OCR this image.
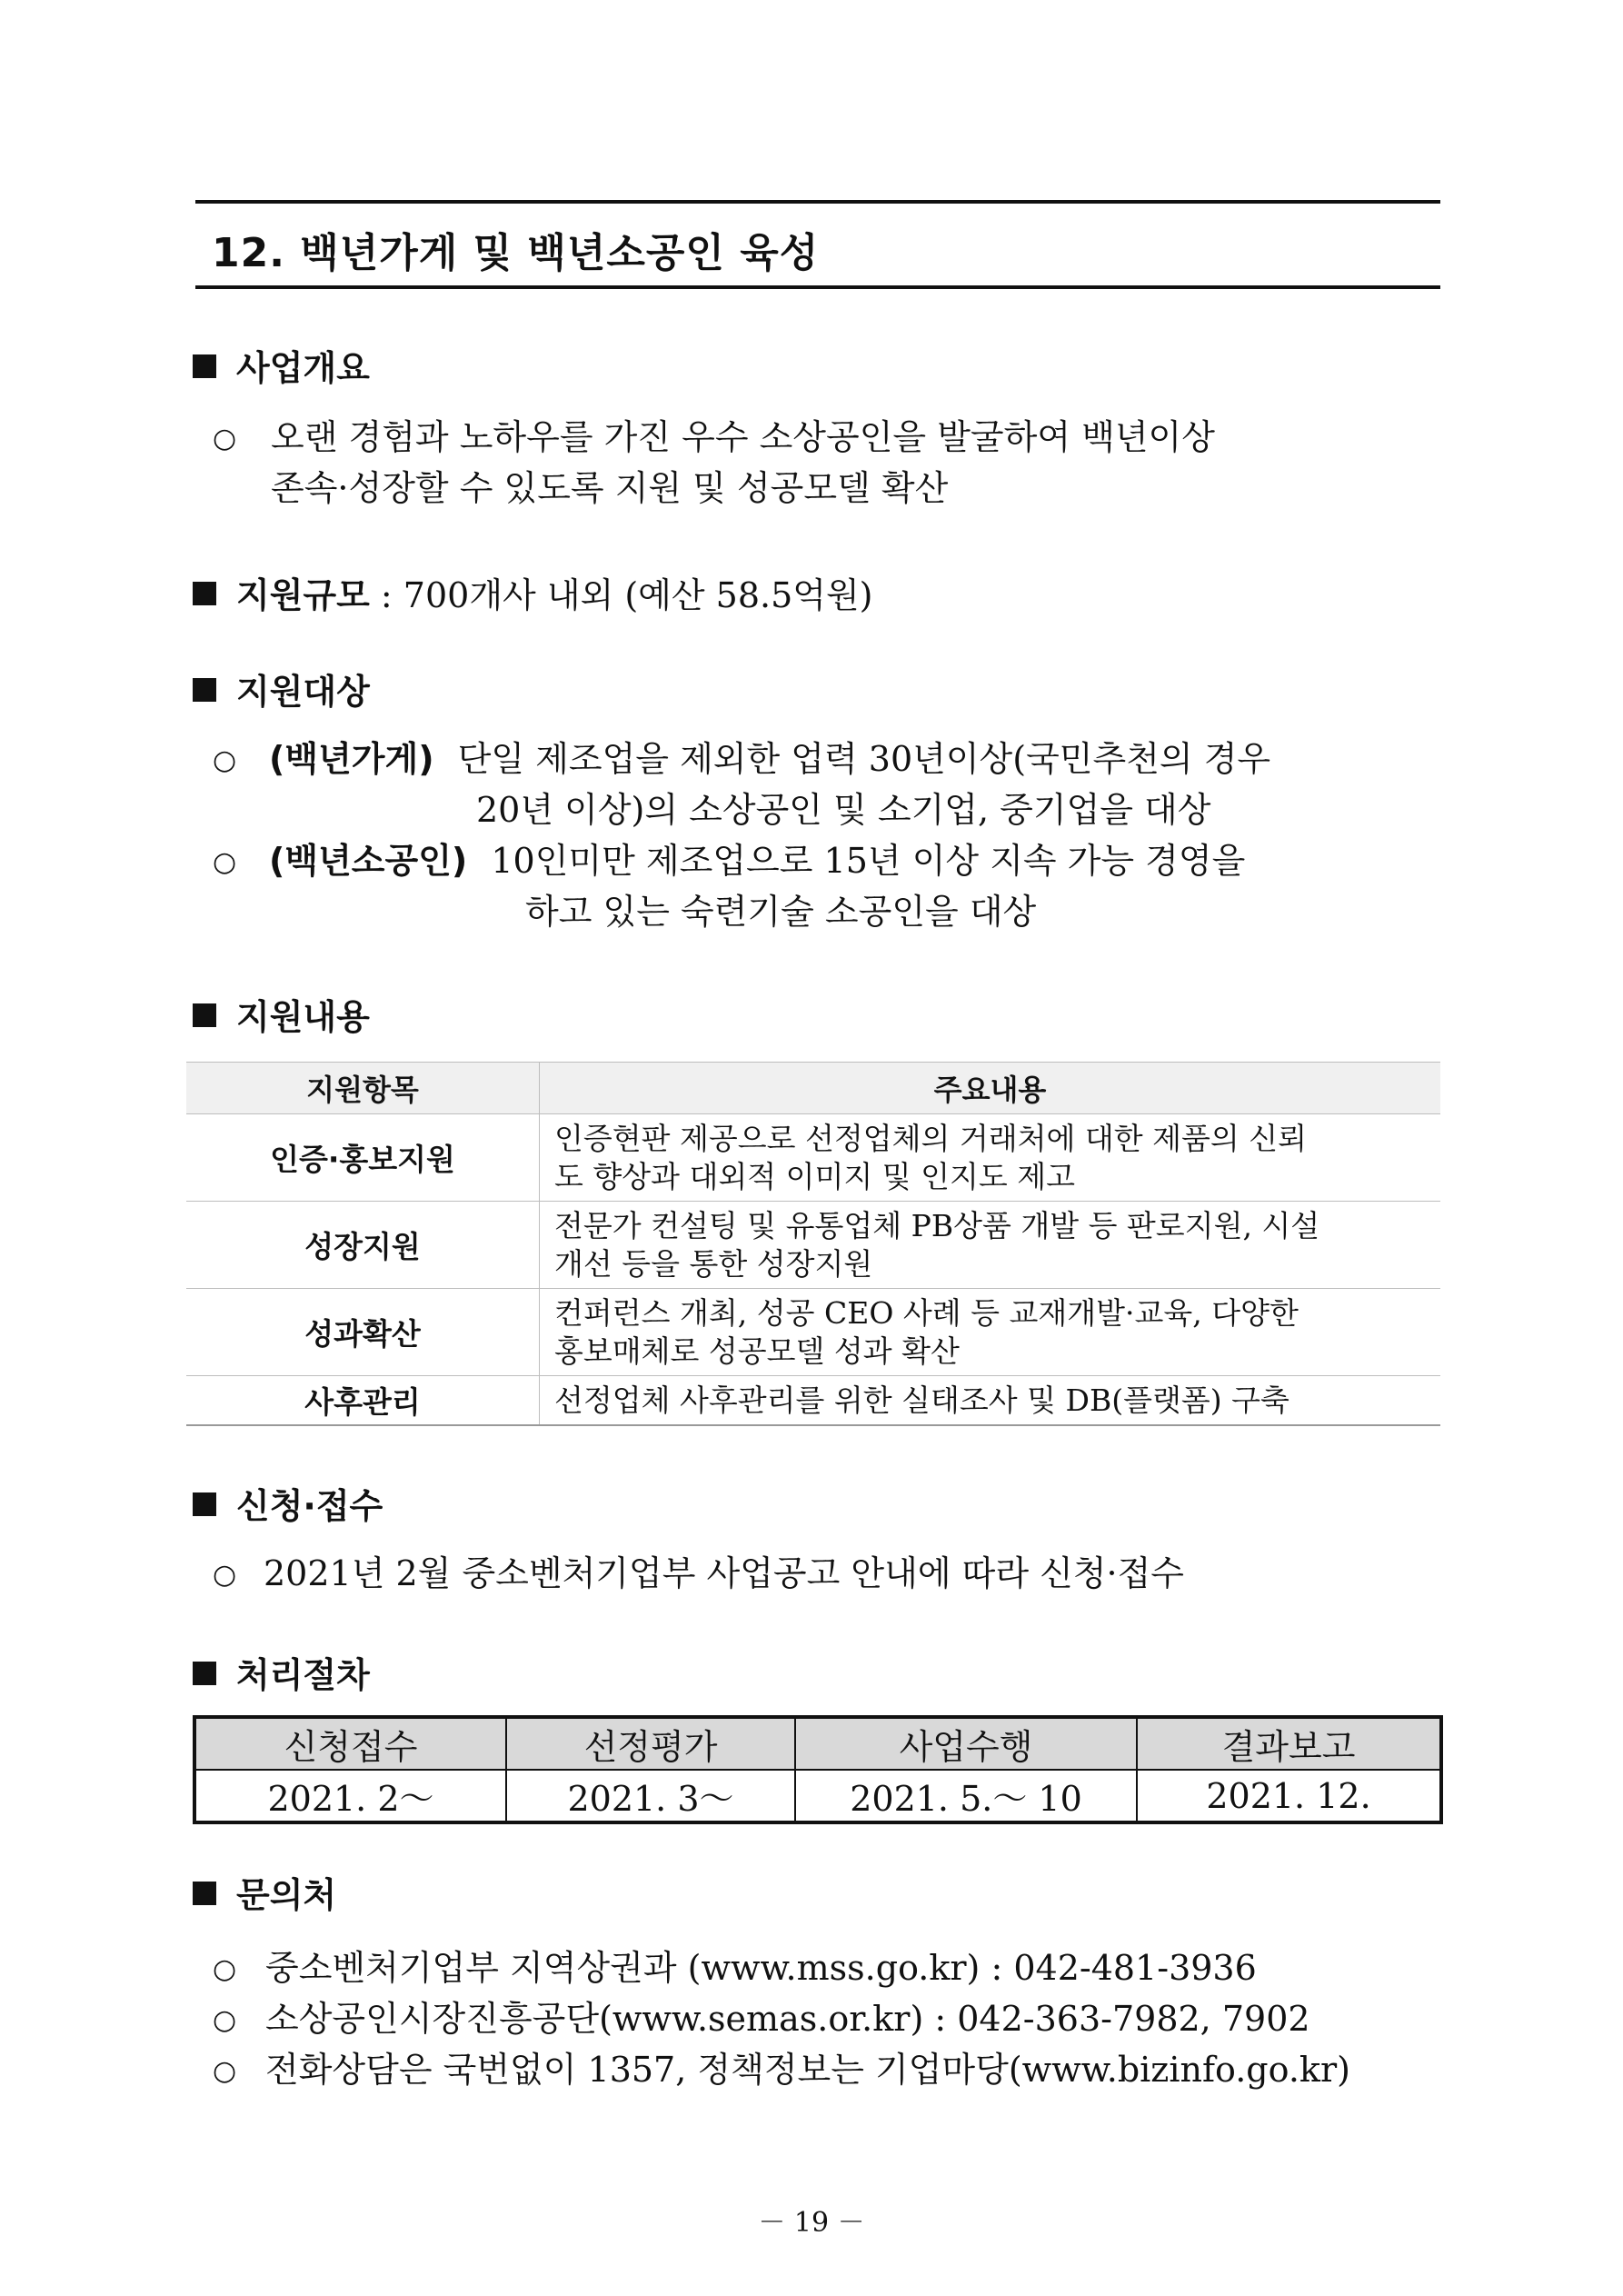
12. 백년가게 및 백년소공인 육성
사업개요
○ 오랜 경험과 노하우를 가진 우수 소상공인을 발굴하여 백년이상
존속·성장할 수 있도록 지원 및 성공모델 확산
지원규모 : 700개사 내외 (예산 58.5억원)
지원대상
○ (백년가게) 단일 제조업을 제외한 업력 30년이상(국민추천의 경우
20년 이상)의 소상공인 및 소기업, 중기업을 대상
○ (백년소공인) 10인미만 제조업으로 15년 이상 지속 가능 경영을
하고 있는 숙련기술 소공인을 대상
지원내용
지원항목	주요내용
인증·홍보지원	인증현판 제공으로 선정업체의 거래처에 대한 제품의 신뢰
도 향상과 대외적 이미지 및 인지도 제고

성장지원	전문가 컨설팅 및 유통업체 PB상품 개발 등 판로지원, 시설
개선 등을 통한 성장지원

성과확산	컨퍼런스 개최, 성공 CEO 사례 등 교재개발·교육, 다양한
홍보매체로 성공모델 성과 확산

사후관리	선정업체 사후관리를 위한 실태조사 및 DB(플랫폼) 구축
신청·접수
○ 2021년 2월 중소벤처기업부 사업공고 안내에 따라 신청·접수
처리절차
신청접수	선정평가	사업수행	결과보고
2021. 2～	2021. 3～	2021. 5.～ 10	2021. 12.
문의처
○ 중소벤처기업부 지역상권과 (www.mss.go.kr) : 042-481-3936
○ 소상공인시장진흥공단(www.semas.or.kr) : 042-363-7982, 7902
○ 전화상담은 국번없이 1357, 정책정보는 기업마당(www.bizinfo.go.kr)
－ 19 －
